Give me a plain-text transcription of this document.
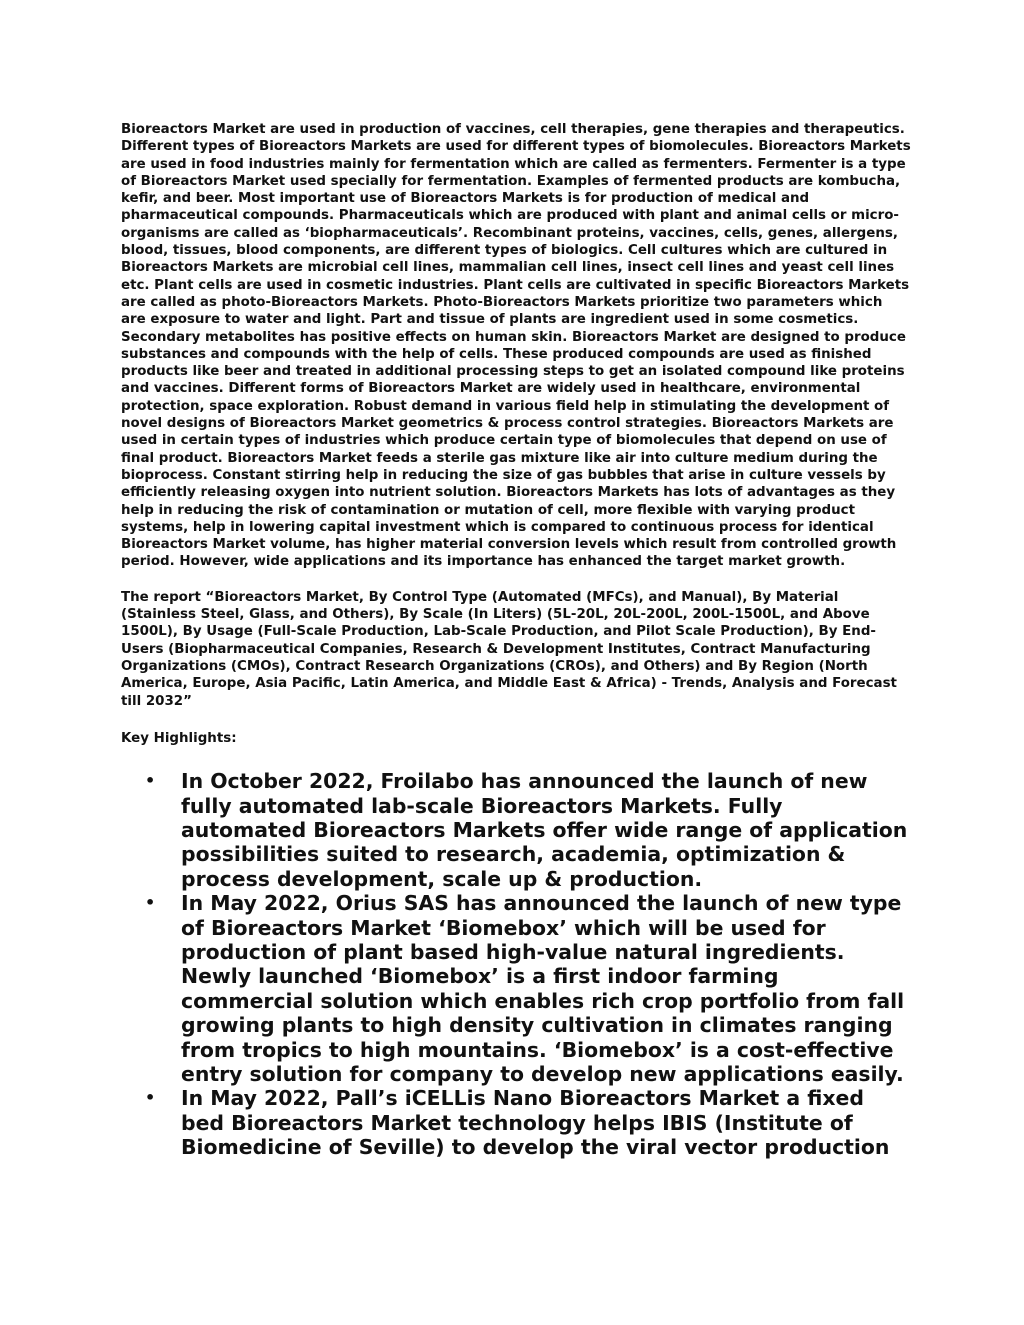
Bioreactors Market are used in production of vaccines, cell therapies, gene therapies and therapeutics. Different types of Bioreactors Markets are used for different types of biomolecules. Bioreactors Markets are used in food industries mainly for fermentation which are called as fermenters. Fermenter is a type of Bioreactors Market used specially for fermentation. Examples of fermented products are kombucha, kefir, and beer. Most important use of Bioreactors Markets is for production of medical and pharmaceutical compounds. Pharmaceuticals which are produced with plant and animal cells or micro-organisms are called as ‘biopharmaceuticals’. Recombinant proteins, vaccines, cells, genes, allergens, blood, tissues, blood components, are different types of biologics. Cell cultures which are cultured in Bioreactors Markets are microbial cell lines, mammalian cell lines, insect cell lines and yeast cell lines etc. Plant cells are used in cosmetic industries. Plant cells are cultivated in specific Bioreactors Markets are called as photo-Bioreactors Markets. Photo-Bioreactors Markets prioritize two parameters which are exposure to water and light. Part and tissue of plants are ingredient used in some cosmetics. Secondary metabolites has positive effects on human skin. Bioreactors Market are designed to produce substances and compounds with the help of cells. These produced compounds are used as finished products like beer and treated in additional processing steps to get an isolated compound like proteins and vaccines. Different forms of Bioreactors Market are widely used in healthcare, environmental protection, space exploration. Robust demand in various field help in stimulating the development of novel designs of Bioreactors Market geometrics & process control strategies. Bioreactors Markets are used in certain types of industries which produce certain type of biomolecules that depend on use of final product. Bioreactors Market feeds a sterile gas mixture like air into culture medium during the bioprocess. Constant stirring help in reducing the size of gas bubbles that arise in culture vessels by efficiently releasing oxygen into nutrient solution. Bioreactors Markets has lots of advantages as they help in reducing the risk of contamination or mutation of cell, more flexible with varying product systems, help in lowering capital investment which is compared to continuous process for identical Bioreactors Market volume, has higher material conversion levels which result from controlled growth period. However, wide applications and its importance has enhanced the target market growth.

The report “Bioreactors Market, By Control Type (Automated (MFCs), and Manual), By Material (Stainless Steel, Glass, and Others), By Scale (In Liters) (5L-20L, 20L-200L, 200L-1500L, and Above 1500L), By Usage (Full-Scale Production, Lab-Scale Production, and Pilot Scale Production), By End-Users (Biopharmaceutical Companies, Research & Development Institutes, Contract Manufacturing Organizations (CMOs), Contract Research Organizations (CROs), and Others) and By Region (North America, Europe, Asia Pacific, Latin America, and Middle East & Africa) - Trends, Analysis and Forecast till 2032”

Key Highlights:

• In October 2022, Froilabo has announced the launch of new fully automated lab-scale Bioreactors Markets. Fully automated Bioreactors Markets offer wide range of application possibilities suited to research, academia, optimization & process development, scale up & production.
• In May 2022, Orius SAS has announced the launch of new type of Bioreactors Market ‘Biomebox’ which will be used for production of plant based high-value natural ingredients. Newly launched ‘Biomebox’ is a first indoor farming commercial solution which enables rich crop portfolio from fall growing plants to high density cultivation in climates ranging from tropics to high mountains. ‘Biomebox’ is a cost-effective entry solution for company to develop new applications easily.
• In May 2022, Pall’s iCELLis Nano Bioreactors Market a fixed bed Bioreactors Market technology helps IBIS (Institute of Biomedicine of Seville) to develop the viral vector production
